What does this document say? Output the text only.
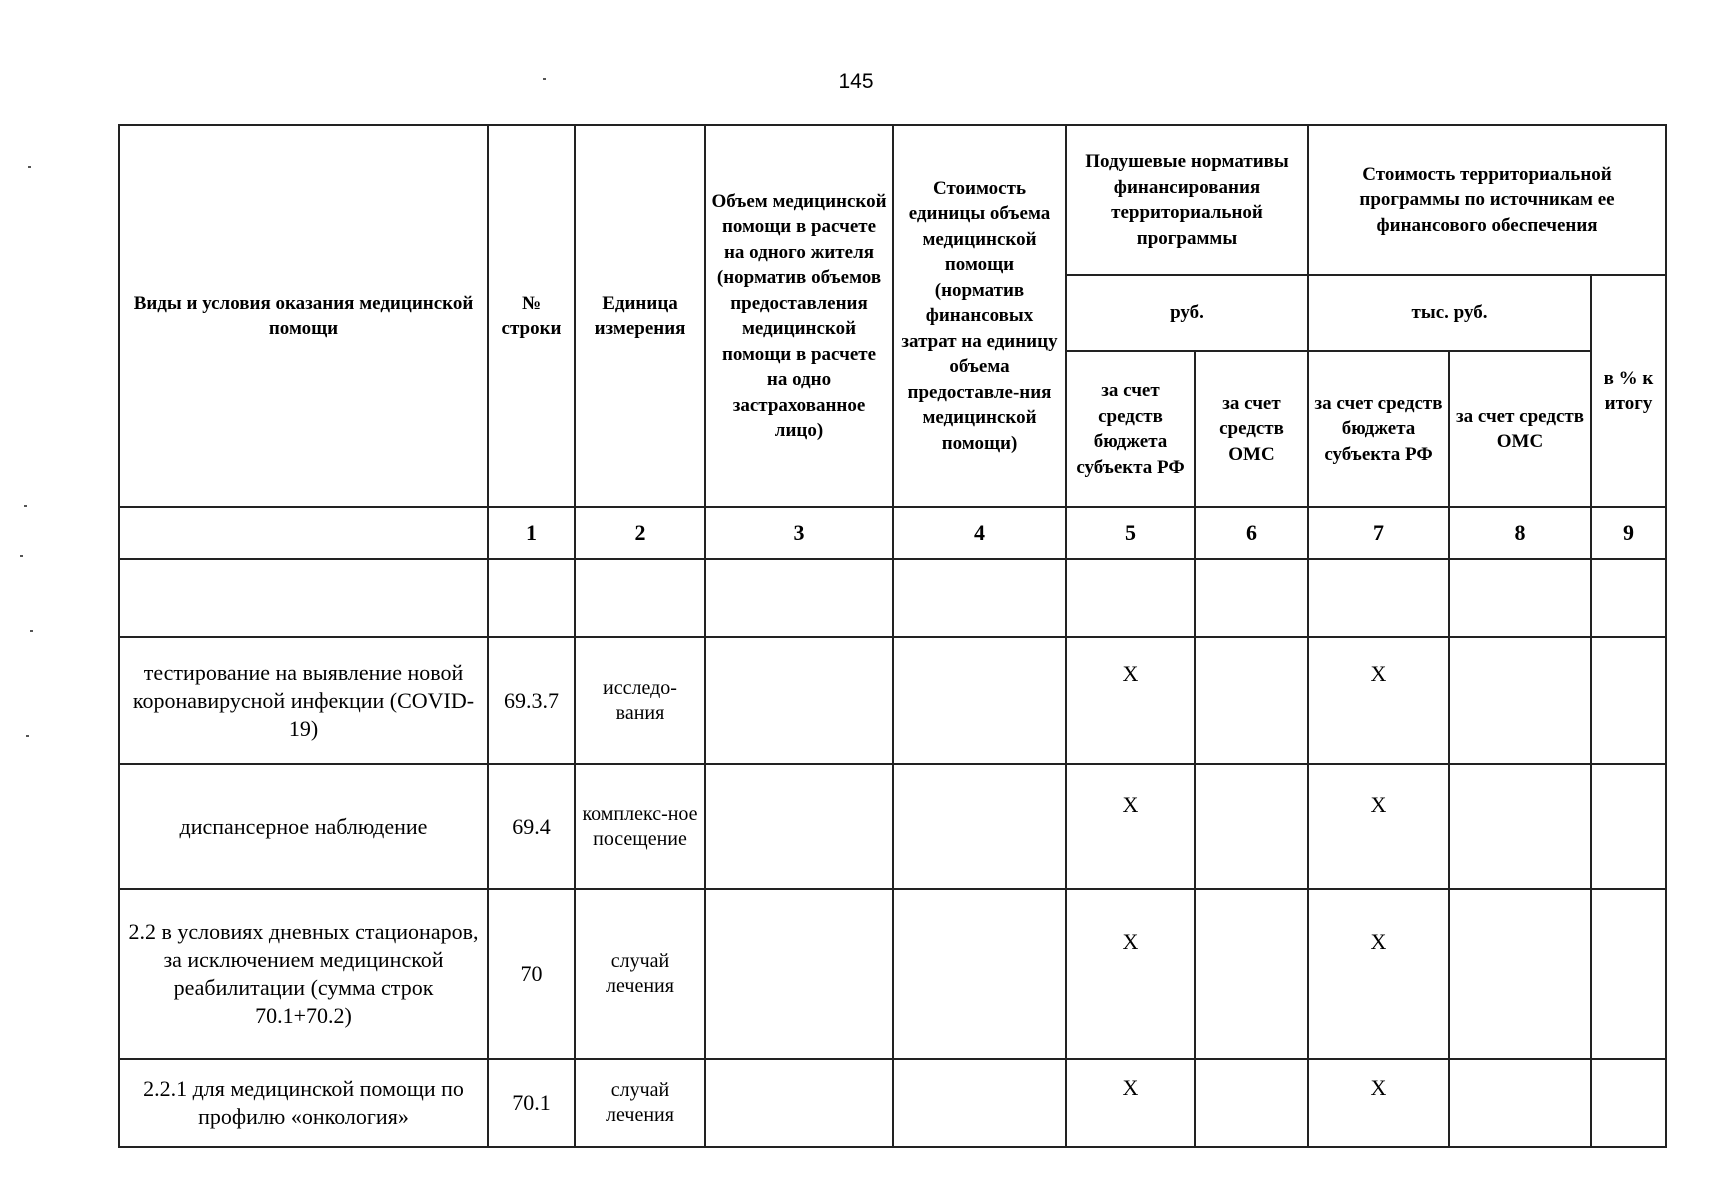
145
Виды и условия оказания медицинской помощи	№ строки	Единица измерения	Объем медицинской помощи в расчете на одного жителя (норматив объемов предоставления медицинской помощи в расчете на одно застрахованное лицо)	Стоимость единицы объема медицинской помощи (норматив финансовых затрат на единицу объема предоставле-ния медицинской помощи)	Подушевые нормативы финансирования территориальной программы		Стоимость территориальной программы по источникам ее финансового обеспечения		
					руб.		тыс. руб.		в % к итогу
					за счет средств бюджета субъекта РФ	за счет средств ОМС	за счет средств бюджета субъекта РФ	за счет средств ОМС	
	1	2	3	4	5	6	7	8	9

тестирование на выявление новой коронавирусной инфекции (COVID-19)	69.3.7	исследо-вания			Х		Х		
диспансерное наблюдение	69.4	комплекс-ное посещение			Х		Х		
2.2 в условиях дневных стационаров, за исключением медицинской реабилитации (сумма строк 70.1+70.2)	70	случай лечения			Х		Х		
2.2.1 для медицинской помощи по профилю «онкология»	70.1	случай лечения			Х		Х		
